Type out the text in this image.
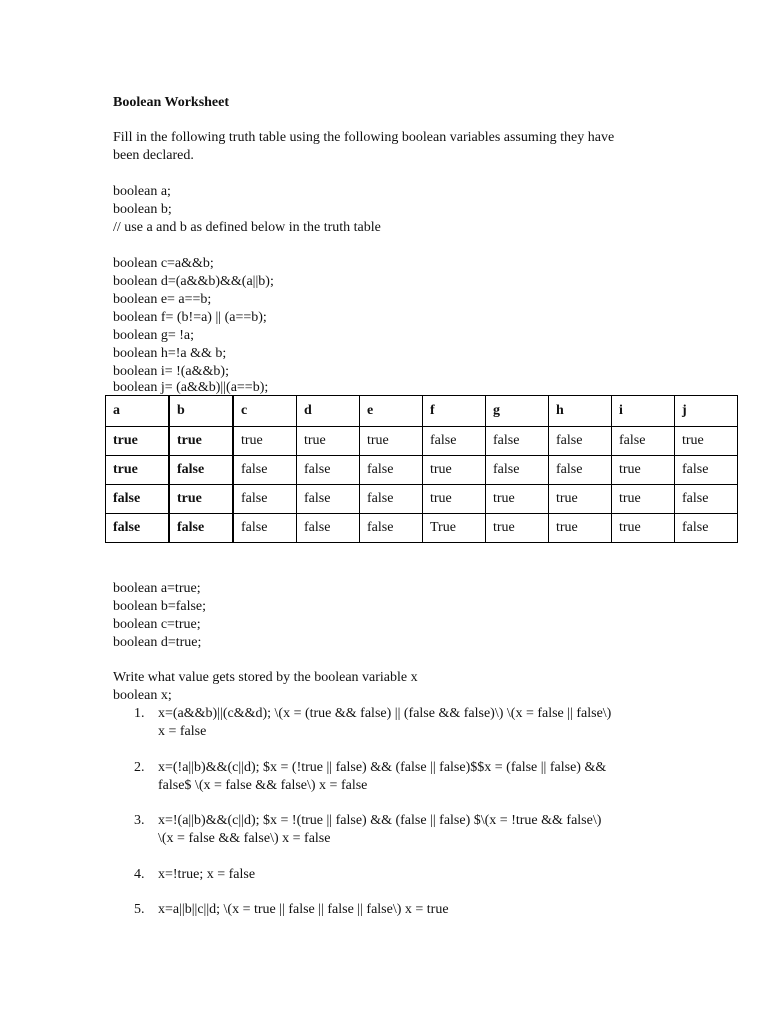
Boolean Worksheet
Fill in the following truth table using the following boolean variables assuming they have
been declared.
boolean a;
boolean b;
// use a and b as defined below in the truth table
boolean c=a&&b;
boolean d=(a&&b)&&(a||b);
boolean e= a==b;
boolean f= (b!=a) || (a==b);
boolean g= !a;
boolean h=!a && b;
boolean i= !(a&&b);
boolean j= (a&&b)||(a==b);
a	b	c	d	e	f	g	h	i	j
true	true	true	true	true	false	false	false	false	true
true	false	false	false	false	true	false	false	true	false
false	true	false	false	false	true	true	true	true	false
false	false	false	false	false	True	true	true	true	false
boolean a=true;
boolean b=false;
boolean c=true;
boolean d=true;
Write what value gets stored by the boolean variable x
boolean x;
1. x=(a&&b)||(c&&d); \(x = (true && false) || (false && false)\) \(x = false || false\)
x = false
2. x=(!a||b)&&(c||d); $x = (!true || false) && (false || false)$$x = (false || false) &&
false$ \(x = false && false\) x = false
3. x=!(a||b)&&(c||d); $x = !(true || false) && (false || false) $\(x = !true && false\)
\(x = false && false\) x = false
4. x=!true; x = false
5. x=a||b||c||d; \(x = true || false || false || false\) x = true
